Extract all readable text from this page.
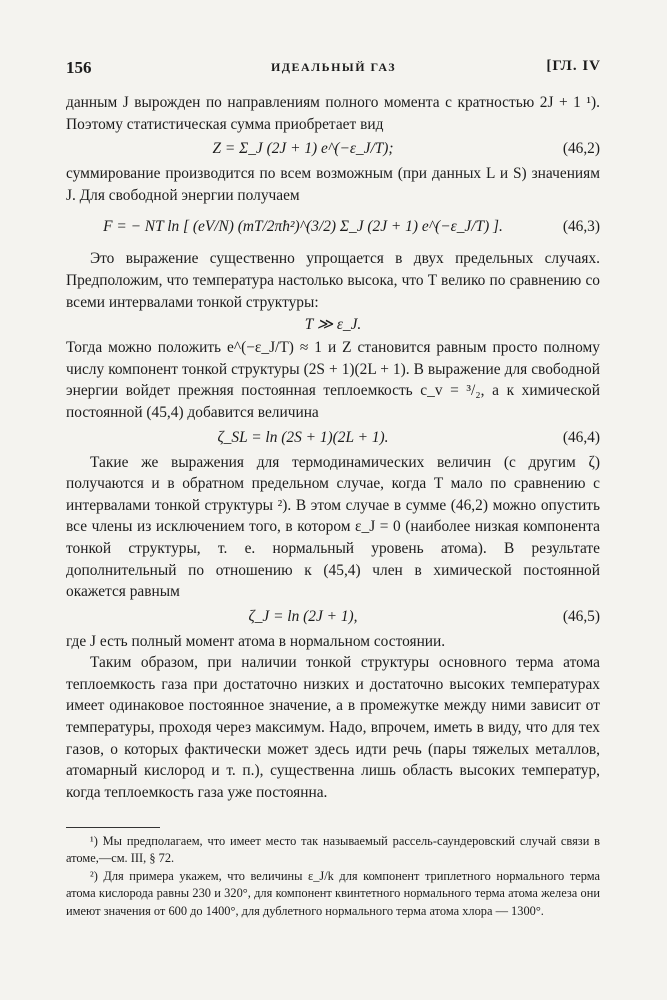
156	ИДЕАЛЬНЫЙ ГАЗ	[ГЛ. IV

данным J вырожден по направлениям полного момента с кратностью 2J + 1 ¹). Поэтому статистическая сумма приобретает вид

Z = Σ_J (2J + 1) e^(−ε_J/T);	(46,2)

суммирование производится по всем возможным (при данных L и S) значениям J. Для свободной энергии получаем

F = − NT ln [ (eV/N) (mT/2πħ²)^(3/2) Σ_J (2J + 1) e^(−ε_J/T) ].	(46,3)

Это выражение существенно упрощается в двух предельных случаях. Предположим, что температура настолько высока, что T велико по сравнению со всеми интервалами тонкой структуры:

T ≫ ε_J.

Тогда можно положить e^(−ε_J/T) ≈ 1 и Z становится равным просто полному числу компонент тонкой структуры (2S + 1)(2L + 1). В выражение для свободной энергии войдет прежняя постоянная теплоемкость c_v = ³/₂, а к химической постоянной (45,4) добавится величина

ζ_SL = ln (2S + 1)(2L + 1).	(46,4)

Такие же выражения для термодинамических величин (с другим ζ) получаются и в обратном предельном случае, когда T мало по сравнению с интервалами тонкой структуры ²). В этом случае в сумме (46,2) можно опустить все члены из исключением того, в котором ε_J = 0 (наиболее низкая компонента тонкой структуры, т. е. нормальный уровень атома). В результате дополнительный по отношению к (45,4) член в химической постоянной окажется равным

ζ_J = ln (2J + 1),	(46,5)

где J есть полный момент атома в нормальном состоянии.

Таким образом, при наличии тонкой структуры основного терма атома теплоемкость газа при достаточно низких и достаточно высоких температурах имеет одинаковое постоянное значение, а в промежутке между ними зависит от температуры, проходя через максимум. Надо, впрочем, иметь в виду, что для тех газов, о которых фактически может здесь идти речь (пары тяжелых металлов, атомарный кислород и т. п.), существенна лишь область высоких температур, когда теплоемкость газа уже постоянна.

¹) Мы предполагаем, что имеет место так называемый рассель-саундеровский случай связи в атоме,—см. III, § 72.

²) Для примера укажем, что величины ε_J/k для компонент триплетного нормального терма атома кислорода равны 230 и 320°, для компонент квинтетного нормального терма атома железа они имеют значения от 600 до 1400°, для дублетного нормального терма атома хлора — 1300°.
